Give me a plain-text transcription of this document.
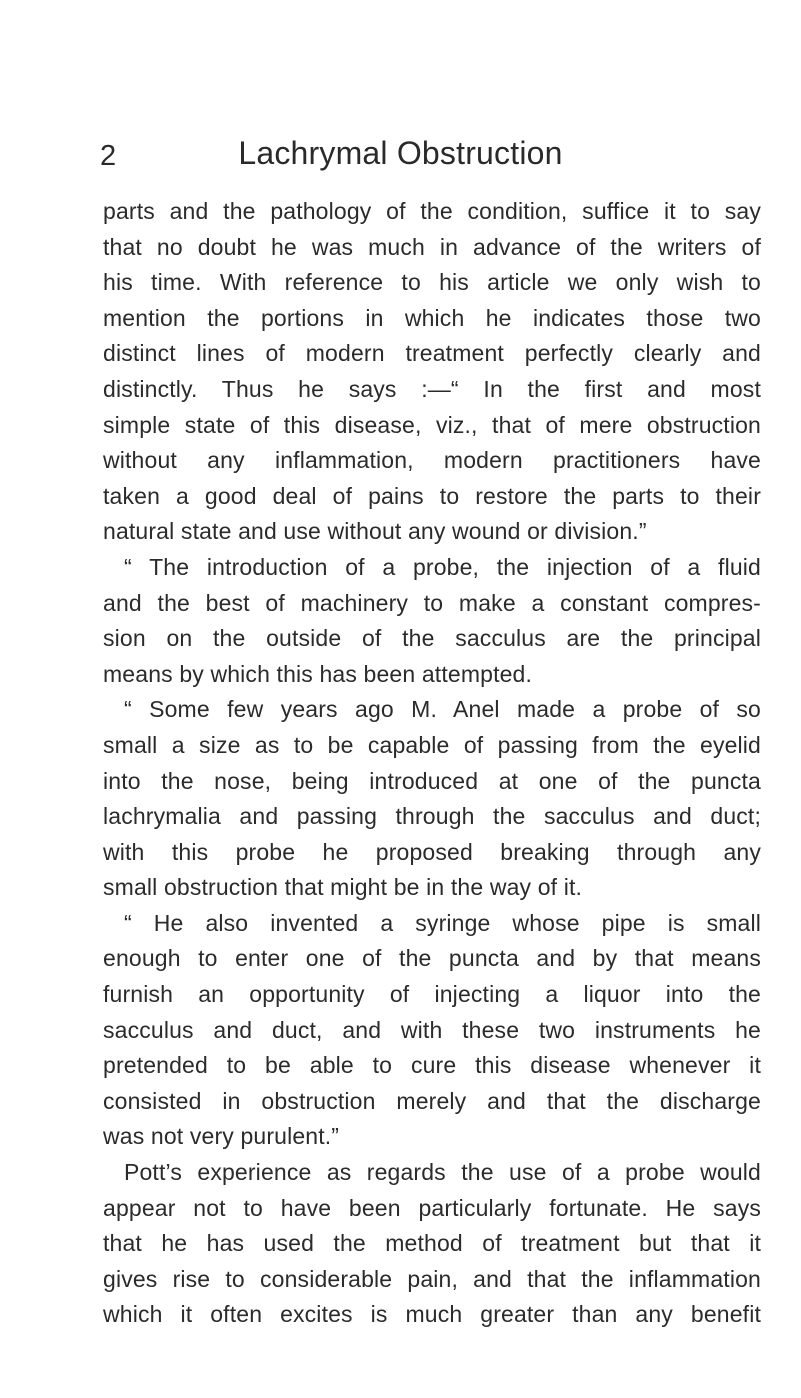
2	Lachrymal Obstruction
parts and the pathology of the condition, suffice it to say
that no doubt he was much in advance of the writers of
his time. With reference to his article we only wish to
mention the portions in which he indicates those two
distinct lines of modern treatment perfectly clearly and
distinctly. Thus he says :—“ In the first and most
simple state of this disease, viz., that of mere obstruction
without any inflammation, modern practitioners have
taken a good deal of pains to restore the parts to their
natural state and use without any wound or division.”
“ The introduction of a probe, the injection of a fluid
and the best of machinery to make a constant compres-
sion on the outside of the sacculus are the principal
means by which this has been attempted.
“ Some few years ago M. Anel made a probe of so
small a size as to be capable of passing from the eyelid
into the nose, being introduced at one of the puncta
lachrymalia and passing through the sacculus and duct;
with this probe he proposed breaking through any
small obstruction that might be in the way of it.
“ He also invented a syringe whose pipe is small
enough to enter one of the puncta and by that means
furnish an opportunity of injecting a liquor into the
sacculus and duct, and with these two instruments he
pretended to be able to cure this disease whenever it
consisted in obstruction merely and that the discharge
was not very purulent.”
Pott’s experience as regards the use of a probe would
appear not to have been particularly fortunate. He says
that he has used the method of treatment but that it
gives rise to considerable pain, and that the inflammation
which it often excites is much greater than any benefit
